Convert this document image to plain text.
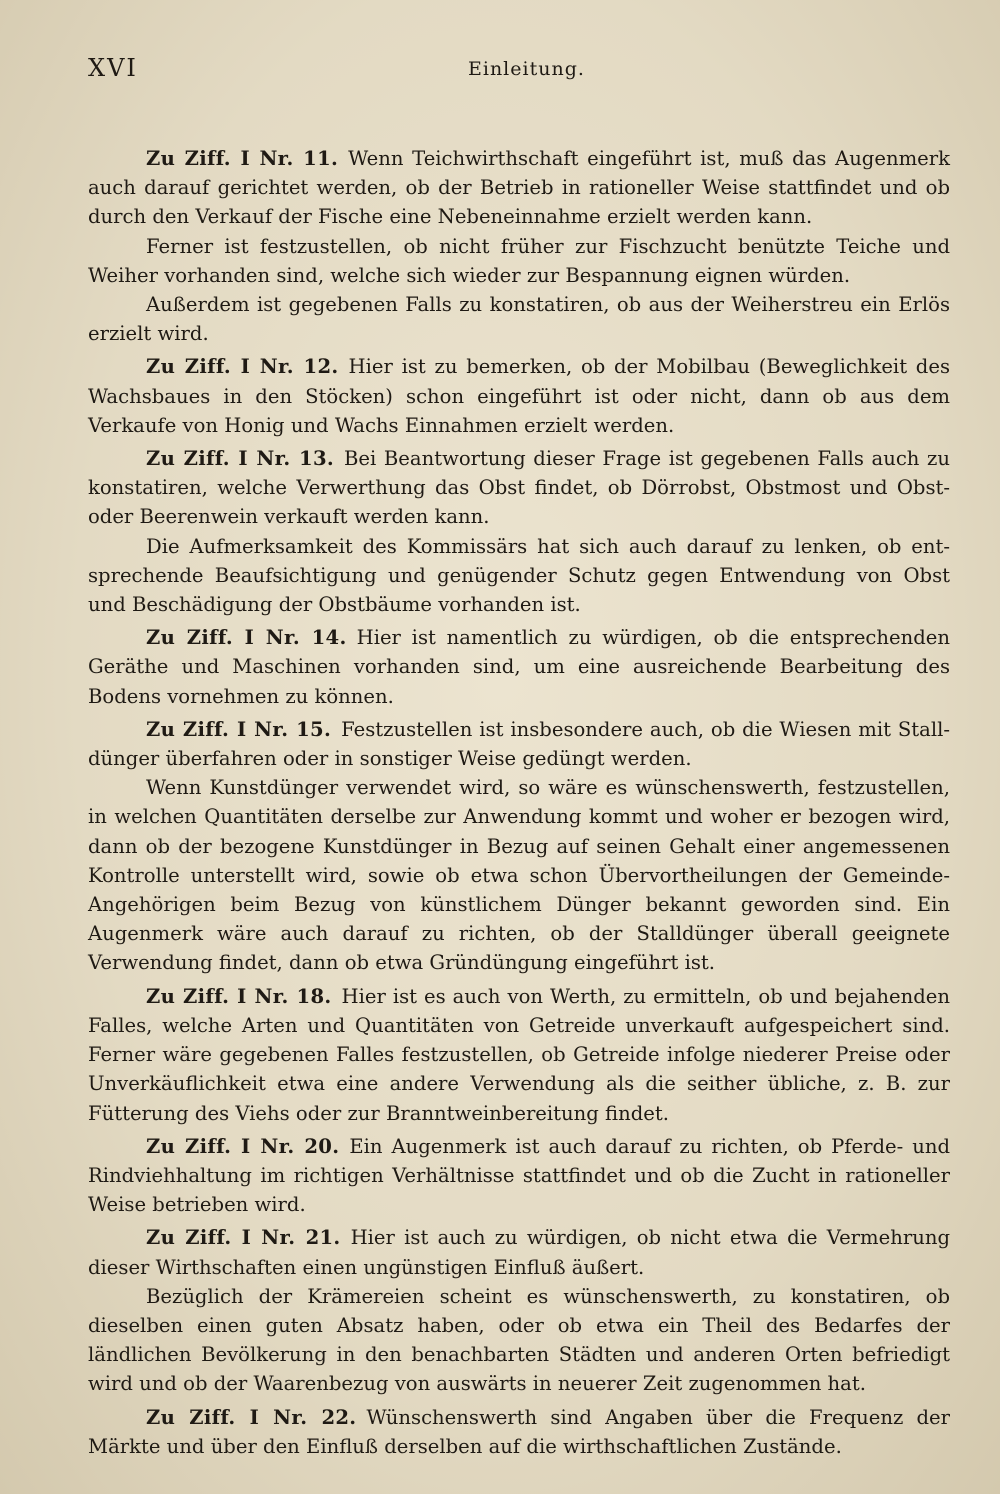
XVI	Einleitung.

Zu Ziff. I Nr. 11. Wenn Teichwirthschaft eingeführt ist, muß das Augenmerk auch darauf gerichtet werden, ob der Betrieb in rationeller Weise stattfindet und ob durch den Verkauf der Fische eine Nebeneinnahme erzielt werden kann.

Ferner ist festzustellen, ob nicht früher zur Fischzucht benützte Teiche und Weiher vorhanden sind, welche sich wieder zur Bespannung eignen würden.

Außerdem ist gegebenen Falls zu konstatiren, ob aus der Weiherstreu ein Erlös erzielt wird.

Zu Ziff. I Nr. 12. Hier ist zu bemerken, ob der Mobilbau (Beweglichkeit des Wachsbaues in den Stöcken) schon eingeführt ist oder nicht, dann ob aus dem Verkaufe von Honig und Wachs Einnahmen erzielt werden.

Zu Ziff. I Nr. 13. Bei Beantwortung dieser Frage ist gegebenen Falls auch zu konstatiren, welche Verwerthung das Obst findet, ob Dörrobst, Obstmost und Obst- oder Beerenwein verkauft werden kann.

Die Aufmerksamkeit des Kommissärs hat sich auch darauf zu lenken, ob entsprechende Beaufsichtigung und genügender Schutz gegen Entwendung von Obst und Beschädigung der Obstbäume vorhanden ist.

Zu Ziff. I Nr. 14. Hier ist namentlich zu würdigen, ob die entsprechenden Geräthe und Maschinen vorhanden sind, um eine ausreichende Bearbeitung des Bodens vornehmen zu können.

Zu Ziff. I Nr. 15. Festzustellen ist insbesondere auch, ob die Wiesen mit Stalldünger überfahren oder in sonstiger Weise gedüngt werden.

Wenn Kunstdünger verwendet wird, so wäre es wünschenswerth, festzustellen, in welchen Quantitäten derselbe zur Anwendung kommt und woher er bezogen wird, dann ob der bezogene Kunstdünger in Bezug auf seinen Gehalt einer angemessenen Kontrolle unterstellt wird, sowie ob etwa schon Übervortheilungen der Gemeinde-Angehörigen beim Bezug von künstlichem Dünger bekannt geworden sind. Ein Augenmerk wäre auch darauf zu richten, ob der Stalldünger überall geeignete Verwendung findet, dann ob etwa Gründüngung eingeführt ist.

Zu Ziff. I Nr. 18. Hier ist es auch von Werth, zu ermitteln, ob und bejahenden Falles, welche Arten und Quantitäten von Getreide unverkauft aufgespeichert sind. Ferner wäre gegebenen Falles festzustellen, ob Getreide infolge niederer Preise oder Unverkäuflichkeit etwa eine andere Verwendung als die seither übliche, z. B. zur Fütterung des Viehs oder zur Branntweinbereitung findet.

Zu Ziff. I Nr. 20. Ein Augenmerk ist auch darauf zu richten, ob Pferde- und Rindviehhaltung im richtigen Verhältnisse stattfindet und ob die Zucht in rationeller Weise betrieben wird.

Zu Ziff. I Nr. 21. Hier ist auch zu würdigen, ob nicht etwa die Vermehrung dieser Wirthschaften einen ungünstigen Einfluß äußert.

Bezüglich der Krämereien scheint es wünschenswerth, zu konstatiren, ob dieselben einen guten Absatz haben, oder ob etwa ein Theil des Bedarfes der ländlichen Bevölkerung in den benachbarten Städten und anderen Orten befriedigt wird und ob der Waarenbezug von auswärts in neuerer Zeit zugenommen hat.

Zu Ziff. I Nr. 22. Wünschenswerth sind Angaben über die Frequenz der Märkte und über den Einfluß derselben auf die wirthschaftlichen Zustände.
